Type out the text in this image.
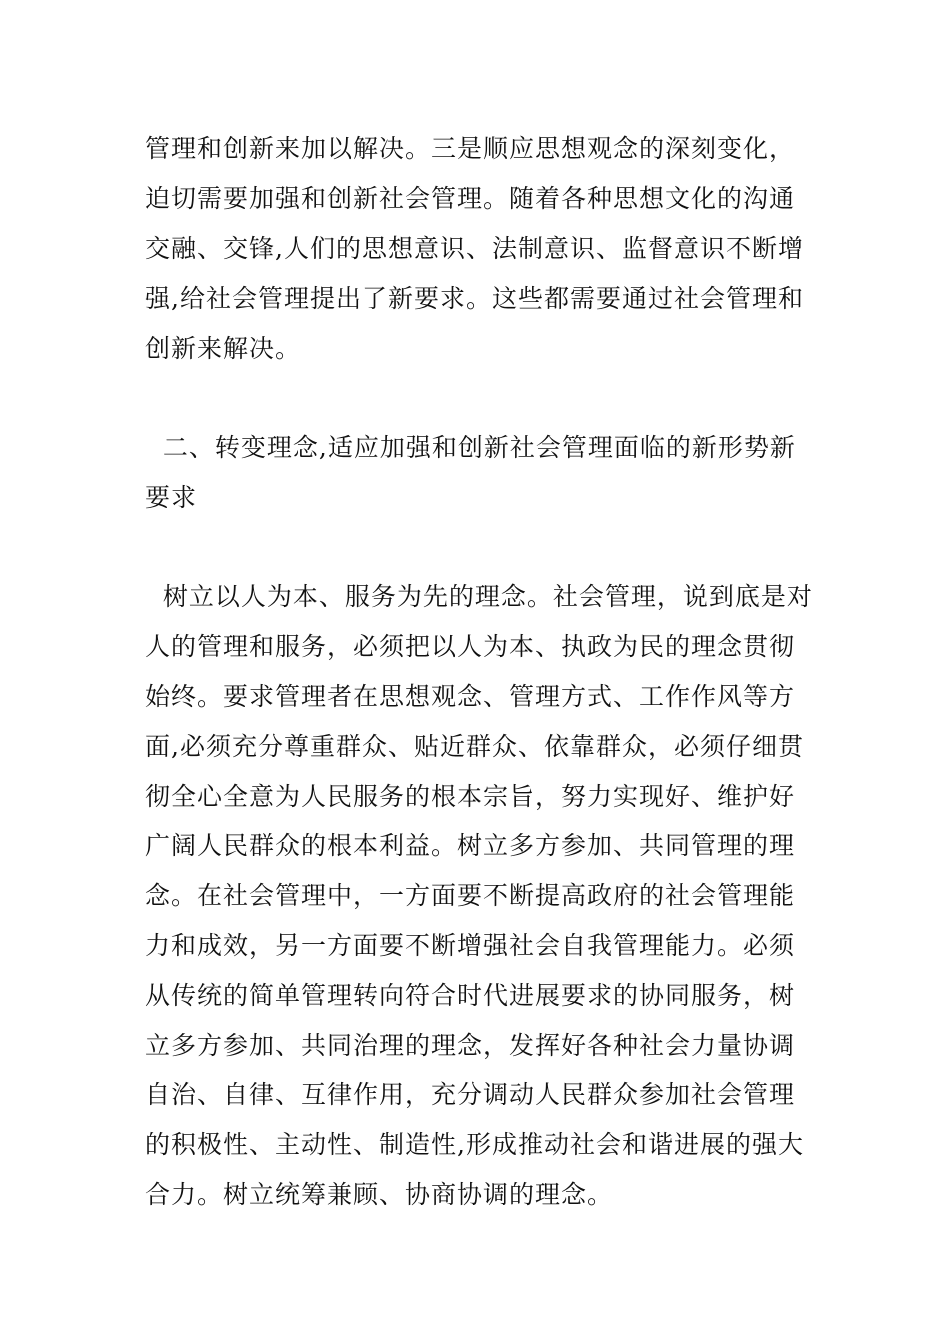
管理和创新来加以解决。三是顺应思想观念的深刻变化，
迫切需要加强和创新社会管理。随着各种思想文化的沟通
交融、交锋,人们的思想意识、法制意识、监督意识不断增
强,给社会管理提出了新要求。这些都需要通过社会管理和
创新来解决。
二、转变理念,适应加强和创新社会管理面临的新形势新
要求
树立以人为本、服务为先的理念。社会管理，说到底是对
人的管理和服务，必须把以人为本、执政为民的理念贯彻
始终。要求管理者在思想观念、管理方式、工作作风等方
面,必须充分尊重群众、贴近群众、依靠群众，必须仔细贯
彻全心全意为人民服务的根本宗旨，努力实现好、维护好
广阔人民群众的根本利益。树立多方参加、共同管理的理
念。在社会管理中，一方面要不断提高政府的社会管理能
力和成效，另一方面要不断增强社会自我管理能力。必须
从传统的简单管理转向符合时代进展要求的协同服务，树
立多方参加、共同治理的理念，发挥好各种社会力量协调
自治、自律、互律作用，充分调动人民群众参加社会管理
的积极性、主动性、制造性,形成推动社会和谐进展的强大
合力。树立统筹兼顾、协商协调的理念。
